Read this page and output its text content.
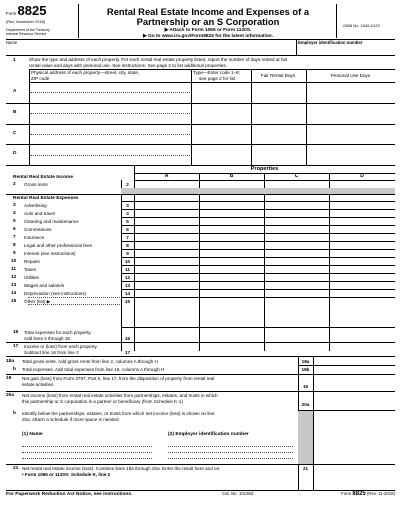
Form 8825
(Rev. November 2018)
Department of the Treasury
Internal Revenue Service
Rental Real Estate Income and Expenses of a
Partnership or an S Corporation
▶ Attach to Form 1065 or Form 1120S.
▶ Go to www.irs.gov/Form8825 for the latest information.
OMB No. 1545-0123
Name	Employer identification number
1	Show the type and address of each property. For each rental real estate property listed, report the number of days rented at fair
rental value and days with personal use. See instructions. See page 2 to list additional properties.
Physical address of each property—street, city, state,
ZIP code
Type—Enter code 1–8;
see page 2 for list
Fair Rental Days	Personal Use Days
A
B
C
D
Properties
A	B	C	D
Rental Real Estate Income
Rental Real Estate Expenses
2 Gross rents	2
3 Advertising	3
4 Auto and travel	4
5 Cleaning and maintenance	5
6 Commissions	6
7 Insurance	7
8 Legal and other professional fees	8
9 Interest (see instructions)	9
10 Repairs	10
11 Taxes	11
12 Utilities	12
13 Wages and salaries	13
14 Depreciation (see instructions)	14
15 Other (list) ▶	15
16 Total expenses for each property.
Add lines 3 through 15	16
17 Income or (loss) from each property.
Subtract line 16 from line 2	17
18a Total gross rents. Add gross rents from line 2, columns A through H	18a
b Total expenses. Add total expenses from line 16, columns A through H	18b
19 Net gain (loss) from Form 4797, Part II, line 17, from the disposition of property from rental real
estate activities	19
20a Net income (loss) from rental real estate activities from partnerships, estates, and trusts in which
this partnership or S corporation is a partner or beneficiary (from Schedule K-1)
20a
b Identify below the partnerships, estates, or trusts from which net income (loss) is shown on line
20a. Attach a schedule if more space is needed.
(1) Name	(2) Employer identification number
21 Net rental real estate income (loss). Combine lines 18a through 20a. Enter the result here and on:
• Form 1065 or 1120S: Schedule K, line 2
21
For Paperwork Reduction Act Notice, see instructions.	Cat. No. 10136Z	Form 8825 (Rev. 11-2018)
